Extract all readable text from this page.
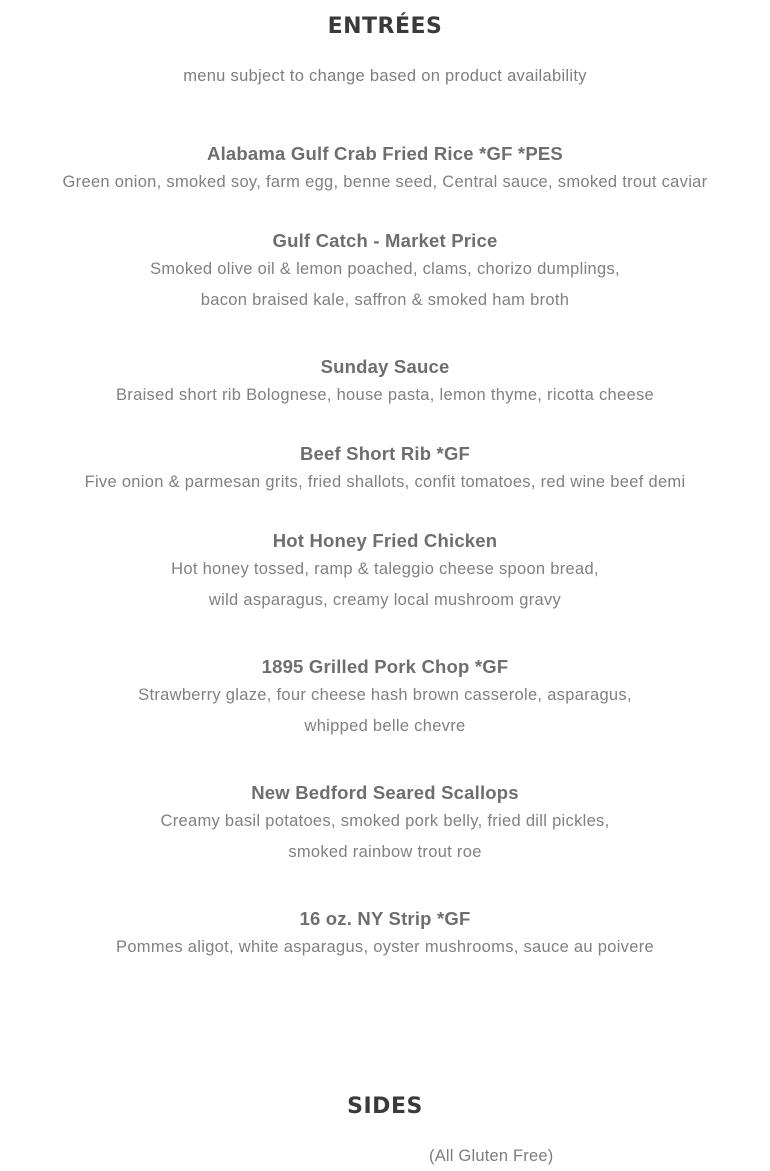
ENTRÉES
menu subject to change based on product availability
Alabama Gulf Crab Fried Rice *GF *PES
Green onion, smoked soy, farm egg, benne seed, Central sauce, smoked trout caviar
Gulf Catch - Market Price
Smoked olive oil & lemon poached, clams, chorizo dumplings,
bacon braised kale, saffron & smoked ham broth
Sunday Sauce
Braised short rib Bolognese, house pasta, lemon thyme, ricotta cheese
Beef Short Rib *GF
Five onion & parmesan grits, fried shallots, confit tomatoes, red wine beef demi
Hot Honey Fried Chicken
Hot honey tossed, ramp & taleggio cheese spoon bread,
wild asparagus, creamy local mushroom gravy
1895 Grilled Pork Chop *GF
Strawberry glaze, four cheese hash brown casserole, asparagus,
whipped belle chevre
New Bedford Seared Scallops
Creamy basil potatoes, smoked pork belly, fried dill pickles,
smoked rainbow trout roe
16 oz. NY Strip *GF
Pommes aligot, white asparagus, oyster mushrooms, sauce au poivere
SIDES
(All Gluten Free)
